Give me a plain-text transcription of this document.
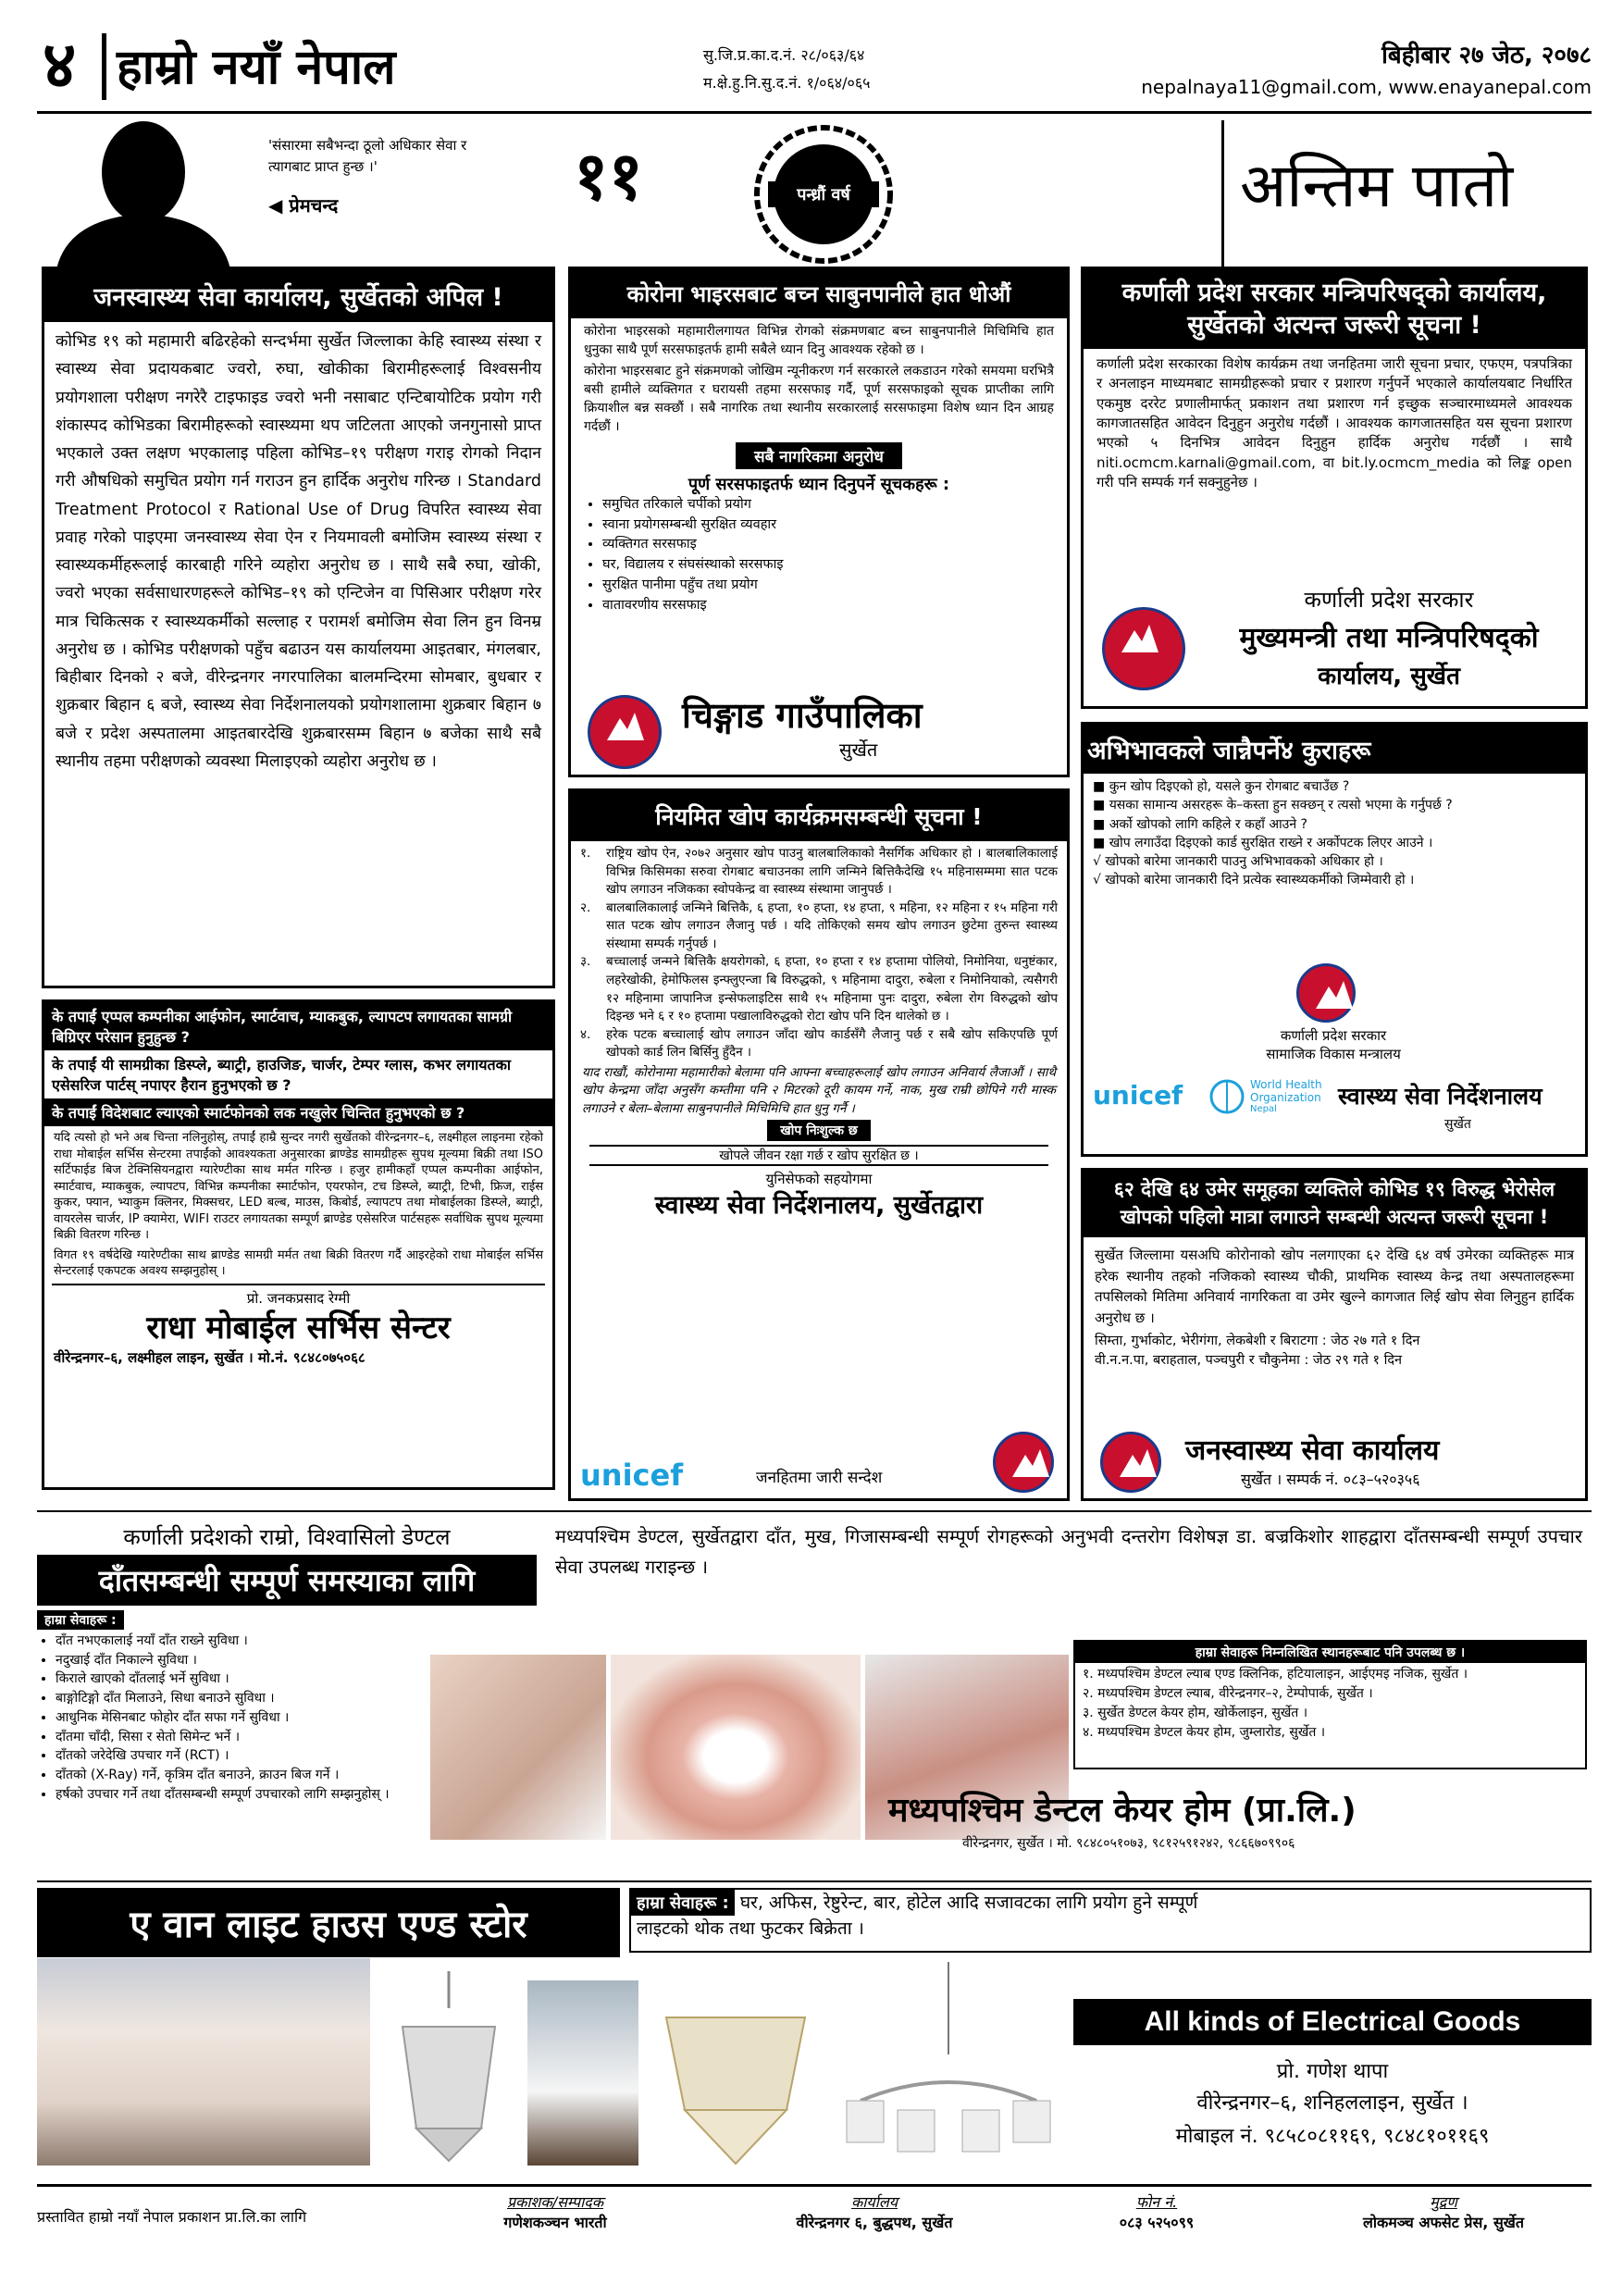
४ हाम्रो नयाँ नेपाल	सु.जि.प्र.का.द.नं. २८/०६३/६४
म.क्षे.हु.नि.सु.द.नं. १/०६४/०६५
बिहीबार २७ जेठ, २०७८
nepalnaya11@gmail.com, www.enayanepal.com
'संसारमा सबैभन्दा ठूलो अधिकार सेवा र त्यागबाट प्राप्त हुन्छ ।'
◀ प्रेमचन्द	११	पन्ध्रौं वर्ष	अन्तिम पातो
जनस्वास्थ्य सेवा कार्यालय, सुर्खेतको अपिल !
कोभिड १९ को महामारी बढिरहेको सन्दर्भमा सुर्खेत जिल्लाका केहि स्वास्थ्य संस्था र स्वास्थ्य सेवा प्रदायकबाट ज्वरो, रुघा, खोकीका बिरामीहरूलाई विश्वसनीय प्रयोगशाला परीक्षण नगरेरै टाइफाइड ज्वरो भनी नसाबाट एन्टिबायोटिक प्रयोग गरी शंकास्पद कोभिडका बिरामीहरूको स्वास्थ्यमा थप जटिलता आएको जनगुनासो प्राप्त भएकाले उक्त लक्षण भएकालाइ पहिला कोभिड–१९ परीक्षण गराइ रोगको निदान गरी औषधिको समुचित प्रयोग गर्न गराउन हुन हार्दिक अनुरोध गरिन्छ । Standard Treatment Protocol र Rational Use of Drug विपरित स्वास्थ्य सेवा प्रवाह गरेको पाइएमा जनस्वास्थ्य सेवा ऐन र नियमावली बमोजिम स्वास्थ्य संस्था र स्वास्थ्यकर्मीहरूलाई कारबाही गरिने व्यहोरा अनुरोध छ । साथै सबै रुघा, खोकी, ज्वरो भएका सर्वसाधारणहरूले कोभिड–१९ को एन्टिजेन वा पिसिआर परीक्षण गरेर मात्र चिकित्सक र स्वास्थ्यकर्मीको सल्लाह र परामर्श बमोजिम सेवा लिन हुन विनम्र अनुरोध छ । कोभिड परीक्षणको पहुँच बढाउन यस कार्यालयमा आइतबार, मंगलबार, बिहीबार दिनको २ बजे, वीरेन्द्रनगर नगरपालिका बालमन्दिरमा सोमबार, बुधबार र शुक्रबार बिहान ६ बजे, स्वास्थ्य सेवा निर्देशनालयको प्रयोगशालामा शुक्रबार बिहान ७ बजे र प्रदेश अस्पतालमा आइतबारदेखि शुक्रबारसम्म बिहान ७ बजेका साथै सबै स्थानीय तहमा परीक्षणको व्यवस्था मिलाइएको व्यहोरा अनुरोध छ ।
के तपाईं एप्पल कम्पनीका आईफोन, स्मार्टवाच, म्याकबुक, ल्यापटप लगायतका सामग्री बिग्रिएर परेसान हुनुहुन्छ ?
के तपाईं यी सामग्रीका डिस्प्ले, ब्याट्री, हाउजिङ, चार्जर, टेम्पर ग्लास, कभर लगायतका एसेसरिज पार्टस् नपाएर हैरान हुनुभएको छ ?
के तपाईं विदेशबाट ल्याएको स्मार्टफोनको लक नखुलेर चिन्तित हुनुभएको छ ?
यदि त्यसो हो भने अब चिन्ता नलिनुहोस्, तपाईं हाम्रै सुन्दर नगरी सुर्खेतको वीरेन्द्रनगर–६, लक्ष्मीहल लाइनमा रहेको राधा मोबाईल सर्भिस सेन्टरमा तपाईंको आवश्यकता अनुसारका ब्राण्डेड सामग्रीहरू सुपथ मूल्यमा बिक्री तथा ISO सर्टिफाईड बिज टेक्निसियनद्वारा ग्यारेण्टीका साथ मर्मत गरिन्छ । हजुर हामीकहाँ एप्पल कम्पनीका आईफोन, स्मार्टवाच, म्याकबुक, ल्यापटप, विभिन्न कम्पनीका स्मार्टफोन, एयरफोन, टच डिस्प्ले, ब्याट्री, टिभी, फ्रिज, राईस कुकर, फ्यान, भ्याकुम क्लिनर, मिक्सचर, LED बल्ब, माउस, किबोर्ड, ल्यापटप तथा मोबाईलका डिस्प्ले, ब्याट्री, वायरलेस चार्जर, IP क्यामेरा, WIFI राउटर लगायतका सम्पूर्ण ब्राण्डेड एसेसरिज पार्टसहरू सर्वाधिक सुपथ मूल्यमा बिक्री वितरण गरिन्छ ।
विगत १९ वर्षदेखि ग्यारेण्टीका साथ ब्राण्डेड सामग्री मर्मत तथा बिक्री वितरण गर्दै आइरहेको राधा मोबाईल सर्भिस सेन्टरलाई एकपटक अवश्य सम्झनुहोस् ।
प्रो. जनकप्रसाद रेग्मी
राधा मोबाईल सर्भिस सेन्टर
वीरेन्द्रनगर–६, लक्ष्मीहल लाइन, सुर्खेत । मो.नं. ९८४८०७५०६८
कोरोना भाइरसबाट बच्न साबुनपानीले हात धोऔं
कोरोना भाइरसको महामारीलगायत विभिन्न रोगको संक्रमणबाट बच्न साबुनपानीले मिचिमिचि हात धुनुका साथै पूर्ण सरसफाइतर्फ हामी सबैले ध्यान दिनु आवश्यक रहेको छ ।
कोरोना भाइरसबाट हुने संक्रमणको जोखिम न्यूनीकरण गर्न सरकारले लकडाउन गरेको समयमा घरभित्रै बसी हामीले व्यक्तिगत र घरायसी तहमा सरसफाइ गर्दै, पूर्ण सरसफाइको सूचक प्राप्तीका लागि क्रियाशील बन्न सक्छौं । सबै नागरिक तथा स्थानीय सरकारलाई सरसफाइमा विशेष ध्यान दिन आग्रह गर्दछौं ।
सबै नागरिकमा अनुरोध
पूर्ण सरसफाइतर्फ ध्यान दिनुपर्ने सूचकहरू :
• समुचित तरिकाले चर्पीको प्रयोग
• स्वाना प्रयोगसम्बन्धी सुरक्षित व्यवहार
• व्यक्तिगत सरसफाइ
• घर, विद्यालय र संघसंस्थाको सरसफाइ
• सुरक्षित पानीमा पहुँच तथा प्रयोग
• वातावरणीय सरसफाइ
चिङ्गाड गाउँपालिका
सुर्खेत
नियमित खोप कार्यक्रमसम्बन्धी सूचना !
१.	राष्ट्रिय खोप ऐन, २०७२ अनुसार खोप पाउनु बालबालिकाको नैसर्गिक अधिकार हो । बालबालिकालाई विभिन्न किसिमका सरुवा रोगबाट बचाउनका लागि जन्मिने बित्तिकैदेखि १५ महिनासम्ममा सात पटक खोप लगाउन नजिकका स्वोपकेन्द्र वा स्वास्थ्य संस्थामा जानुपर्छ ।
२.	बालबालिकालाई जन्मिने बित्तिकै, ६ हप्ता, १० हप्ता, १४ हप्ता, ९ महिना, १२ महिना र १५ महिना गरी सात पटक खोप लगाउन लैजानु पर्छ । यदि तोकिएको समय खोप लगाउन छुटेमा तुरुन्त स्वास्थ्य संस्थामा सम्पर्क गर्नुपर्छ ।
३.	बच्चालाई जन्मने बित्तिकै क्षयरोगको, ६ हप्ता, १० हप्ता र १४ हप्तामा पोलियो, निमोनिया, धनुष्टंकार, लहरेखोकी, हेमोफिलस इन्फ्लुएन्जा बि विरुद्धको, ९ महिनामा दादुरा, रुबेला र निमोनियाको, त्यसैगरी १२ महिनामा जापानिज इन्सेफलाइटिस साथै १५ महिनामा पुनः दादुरा, रुबेला रोग विरुद्धको खोप दिइन्छ भने ६ र १० हप्तामा पखालाविरुद्धको रोटा खोप पनि दिन थालेको छ ।
४.	हरेक पटक बच्चालाई खोप लगाउन जाँदा खोप कार्डसँगै लैजानु पर्छ र सबै खोप सकिएपछि पूर्ण खोपको कार्ड लिन बिर्सिनु हुँदैन ।
याद राखौं, कोरोनामा महामारीको बेलामा पनि आफ्ना बच्चाहरूलाई खोप लगाउन अनिवार्य लैजाऔं । साथै खोप केन्द्रमा जाँदा अनुसँग कम्तीमा पनि २ मिटरको दूरी कायम गर्ने, नाक, मुख राम्री छोपिने गरी मास्क लगाउने र बेला–बेलामा साबुनपानीले मिचिमिचि हात धुनु गर्नै ।
खोप निःशुल्क छ
खोपले जीवन रक्षा गर्छ र खोप सुरक्षित छ ।
युनिसेफको सहयोगमा
स्वास्थ्य सेवा निर्देशनालय, सुर्खेतद्वारा
unicef	जनहितमा जारी सन्देश
कर्णाली प्रदेश सरकार मन्त्रिपरिषद्को कार्यालय, सुर्खेतको अत्यन्त जरूरी सूचना !
कर्णाली प्रदेश सरकारका विशेष कार्यक्रम तथा जनहितमा जारी सूचना प्रचार, एफएम, पत्रपत्रिका र अनलाइन माध्यमबाट सामग्रीहरूको प्रचार र प्रशारण गर्नुपर्ने भएकाले कार्यालयबाट निर्धारित एकमुष्ठ दररेट प्रणालीमार्फत् प्रकाशन तथा प्रशारण गर्न इच्छुक सञ्चारमाध्यमले आवश्यक कागजातसहित आवेदन दिनुहुन अनुरोध गर्दछौं । आवश्यक कागजातसहित यस सूचना प्रशारण भएको ५ दिनभित्र आवेदन दिनुहुन हार्दिक अनुरोध गर्दछौं । साथै niti.ocmcm.karnali@gmail.com, वा bit.ly.ocmcm_media को लिङ्क open गरी पनि सम्पर्क गर्न सक्नुहुनेछ ।
कर्णाली प्रदेश सरकार
मुख्यमन्त्री तथा मन्त्रिपरिषद्को
कार्यालय, सुर्खेत
अभिभावकले जान्नैपर्ने४ कुराहरू
■ कुन खोप दिइएको हो, यसले कुन रोगबाट बचाउँछ ?
■ यसका सामान्य असरहरू के–कस्ता हुन सक्छन् र त्यसो भएमा के गर्नुपर्छ ?
■ अर्को खोपको लागि कहिले र कहाँ आउने ?
■ खोप लगाउँदा दिइएको कार्ड सुरक्षित राख्ने र अर्कोपटक लिएर आउने ।
√ खोपको बारेमा जानकारी पाउनु अभिभावकको अधिकार हो ।
√ खोपको बारेमा जानकारी दिने प्रत्येक स्वास्थ्यकर्मीको जिम्मेवारी हो ।
कर्णाली प्रदेश सरकार
सामाजिक विकास मन्त्रालय
unicef	World Health
Organization
Nepal	स्वास्थ्य सेवा निर्देशनालय
सुर्खेत
६२ देखि ६४ उमेर समूहका व्यक्तिले कोभिड १९ विरुद्ध भेरोसेल
खोपको पहिलो मात्रा लगाउने सम्बन्धी अत्यन्त जरूरी सूचना !
सुर्खेत जिल्लामा यसअघि कोरोनाको खोप नलगाएका ६२ देखि ६४ वर्ष उमेरका व्यक्तिहरू मात्र हरेक स्थानीय तहको नजिकको स्वास्थ्य चौकी, प्राथमिक स्वास्थ्य केन्द्र तथा अस्पतालहरूमा तपसिलको मितिमा अनिवार्य नागरिकता वा उमेर खुल्ने कागजात लिई खोप सेवा लिनुहुन हार्दिक अनुरोध छ ।
सिम्ता, गुर्भाकोट, भेरीगंगा, लेकबेशी र बिराटगा : जेठ २७ गते १ दिन
वी.न.न.पा, बराहताल, पञ्चपुरी र चौकुनेमा : जेठ २९ गते १ दिन
जनस्वास्थ्य सेवा कार्यालय
सुर्खेत । सम्पर्क नं. ०८३–५२०३५६
कर्णाली प्रदेशको राम्रो, विश्वासिलो डेण्टल
दाँतसम्बन्धी सम्पूर्ण समस्याका लागि
मध्यपश्चिम डेण्टल, सुर्खेतद्वारा दाँत, मुख, गिजासम्बन्धी सम्पूर्ण रोगहरूको अनुभवी दन्तरोग विशेषज्ञ डा. बज्रकिशोर शाहद्वारा दाँतसम्बन्धी सम्पूर्ण उपचार सेवा उपलब्ध गराइन्छ ।
हाम्रा सेवाहरू :
• दाँत नभएकालाई नयाँ दाँत राख्ने सुविधा ।
• नदुखाई दाँत निकाल्ने सुविधा ।
• किराले खाएको दाँतलाई भर्ने सुविधा ।
• बाङ्गोटिङ्गो दाँत मिलाउने, सिधा बनाउने सुविधा ।
• आधुनिक मेसिनबाट फोहोर दाँत सफा गर्ने सुविधा ।
• दाँतमा चाँदी, सिसा र सेतो सिमेन्ट भर्ने ।
• दाँतको जरेदेखि उपचार गर्ने (RCT) ।
• दाँतको (X-Ray) गर्ने, कृत्रिम दाँत बनाउने, क्राउन बिज गर्ने ।
• हर्षको उपचार गर्ने तथा दाँतसम्बन्धी सम्पूर्ण उपचारको लागि सम्झनुहोस् ।
हाम्रा सेवाहरू निम्नलिखित स्थानहरूबाट पनि उपलब्ध छ ।
१. मध्यपश्चिम डेण्टल ल्याब एण्ड क्लिनिक, हटियालाइन, आईएमइ नजिक, सुर्खेत ।
२. मध्यपश्चिम डेण्टल ल्याब, वीरेन्द्रनगर–२, टेम्पोपार्क, सुर्खेत ।
३. सुर्खेत डेण्टल केयर होम, खोर्केलाइन, सुर्खेत ।
४. मध्यपश्चिम डेण्टल केयर होम, जुम्लारोड, सुर्खेत ।
मध्यपश्चिम डेन्टल केयर होम (प्रा.लि.)
वीरेन्द्रनगर, सुर्खेत । मो. ९८४८०५१०७३, ९८१२५९१२४२, ९८६६७०९९०६
ए वान लाइट हाउस एण्ड स्टोर
हाम्रा सेवाहरू : घर, अफिस, रेष्टुरेन्ट, बार, होटेल आदि सजावटका लागि प्रयोग हुने सम्पूर्ण
लाइटको थोक तथा फुटकर बिक्रेता ।
All kinds of Electrical Goods
प्रो. गणेश थापा
वीरेन्द्रनगर–६, शनिहललाइन, सुर्खेत ।
मोबाइल नं. ९८५८०८११६९, ९८४८१०११६९
प्रस्तावित हाम्रो नयाँ नेपाल प्रकाशन प्रा.लि.का लागि
प्रकाशक/सम्पादक
गणेशकञ्चन भारती
कार्यालय
वीरेन्द्रनगर ६, बुद्धपथ, सुर्खेत
फोन नं.
०८३ ५२५०९९
मुद्रण
लोकमञ्च अफसेट प्रेस, सुर्खेत
